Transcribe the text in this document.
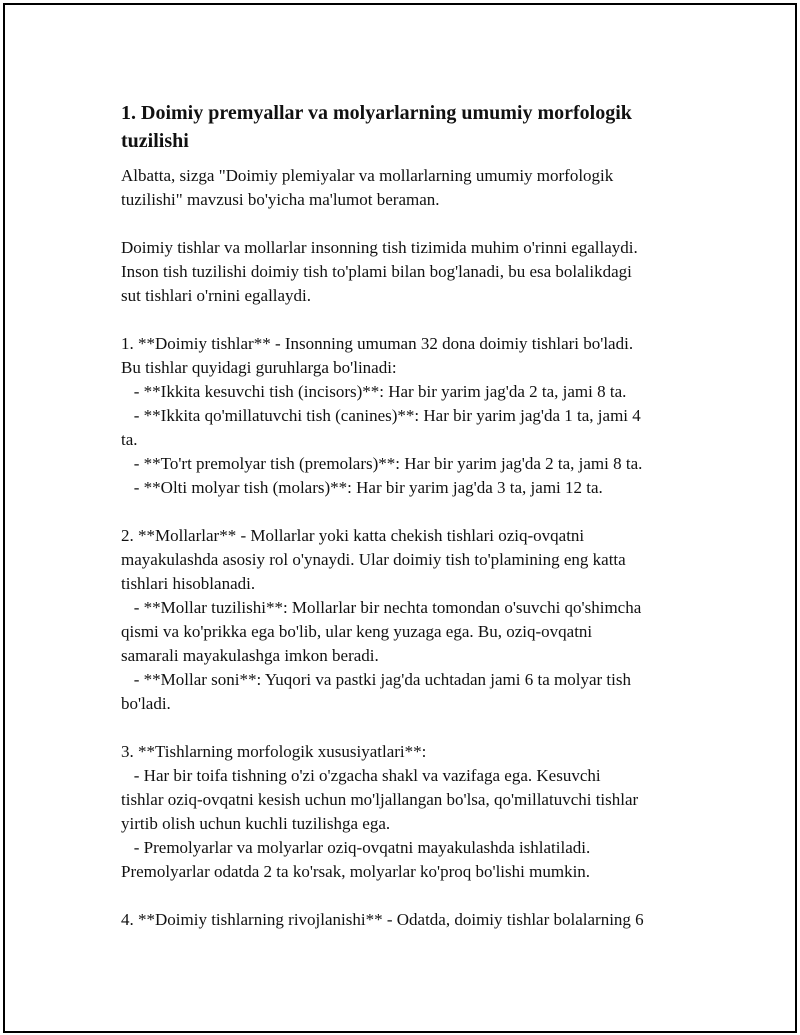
1. Doimiy premyallar va molyarlarning umumiy morfologik tuzilishi

Albatta, sizga "Doimiy plemiyalar va mollarlarning umumiy morfologik
tuzilishi" mavzusi bo'yicha ma'lumot beraman.

Doimiy tishlar va mollarlar insonning tish tizimida muhim o'rinni egallaydi.
Inson tish tuzilishi doimiy tish to'plami bilan bog'lanadi, bu esa bolalikdagi
sut tishlari o'rnini egallaydi.

1. **Doimiy tishlar** - Insonning umuman 32 dona doimiy tishlari bo'ladi.
Bu tishlar quyidagi guruhlarga bo'linadi:
- **Ikkita kesuvchi tish (incisors)**: Har bir yarim jag'da 2 ta, jami 8 ta.
- **Ikkita qo'millatuvchi tish (canines)**: Har bir yarim jag'da 1 ta, jami 4
ta.
- **To'rt premolyar tish (premolars)**: Har bir yarim jag'da 2 ta, jami 8 ta.
- **Olti molyar tish (molars)**: Har bir yarim jag'da 3 ta, jami 12 ta.

2. **Mollarlar** - Mollarlar yoki katta chekish tishlari oziq-ovqatni
mayakulashda asosiy rol o'ynaydi. Ular doimiy tish to'plamining eng katta
tishlari hisoblanadi.
- **Mollar tuzilishi**: Mollarlar bir nechta tomondan o'suvchi qo'shimcha
qismi va ko'prikka ega bo'lib, ular keng yuzaga ega. Bu, oziq-ovqatni
samarali mayakulashga imkon beradi.
- **Mollar soni**: Yuqori va pastki jag'da uchtadan jami 6 ta molyar tish
bo'ladi.

3. **Tishlarning morfologik xususiyatlari**:
- Har bir toifa tishning o'zi o'zgacha shakl va vazifaga ega. Kesuvchi
tishlar oziq-ovqatni kesish uchun mo'ljallangan bo'lsa, qo'millatuvchi tishlar
yirtib olish uchun kuchli tuzilishga ega.
- Premolyarlar va molyarlar oziq-ovqatni mayakulashda ishlatiladi.
Premolyarlar odatda 2 ta ko'rsak, molyarlar ko'proq bo'lishi mumkin.

4. **Doimiy tishlarning rivojlanishi** - Odatda, doimiy tishlar bolalarning 6
